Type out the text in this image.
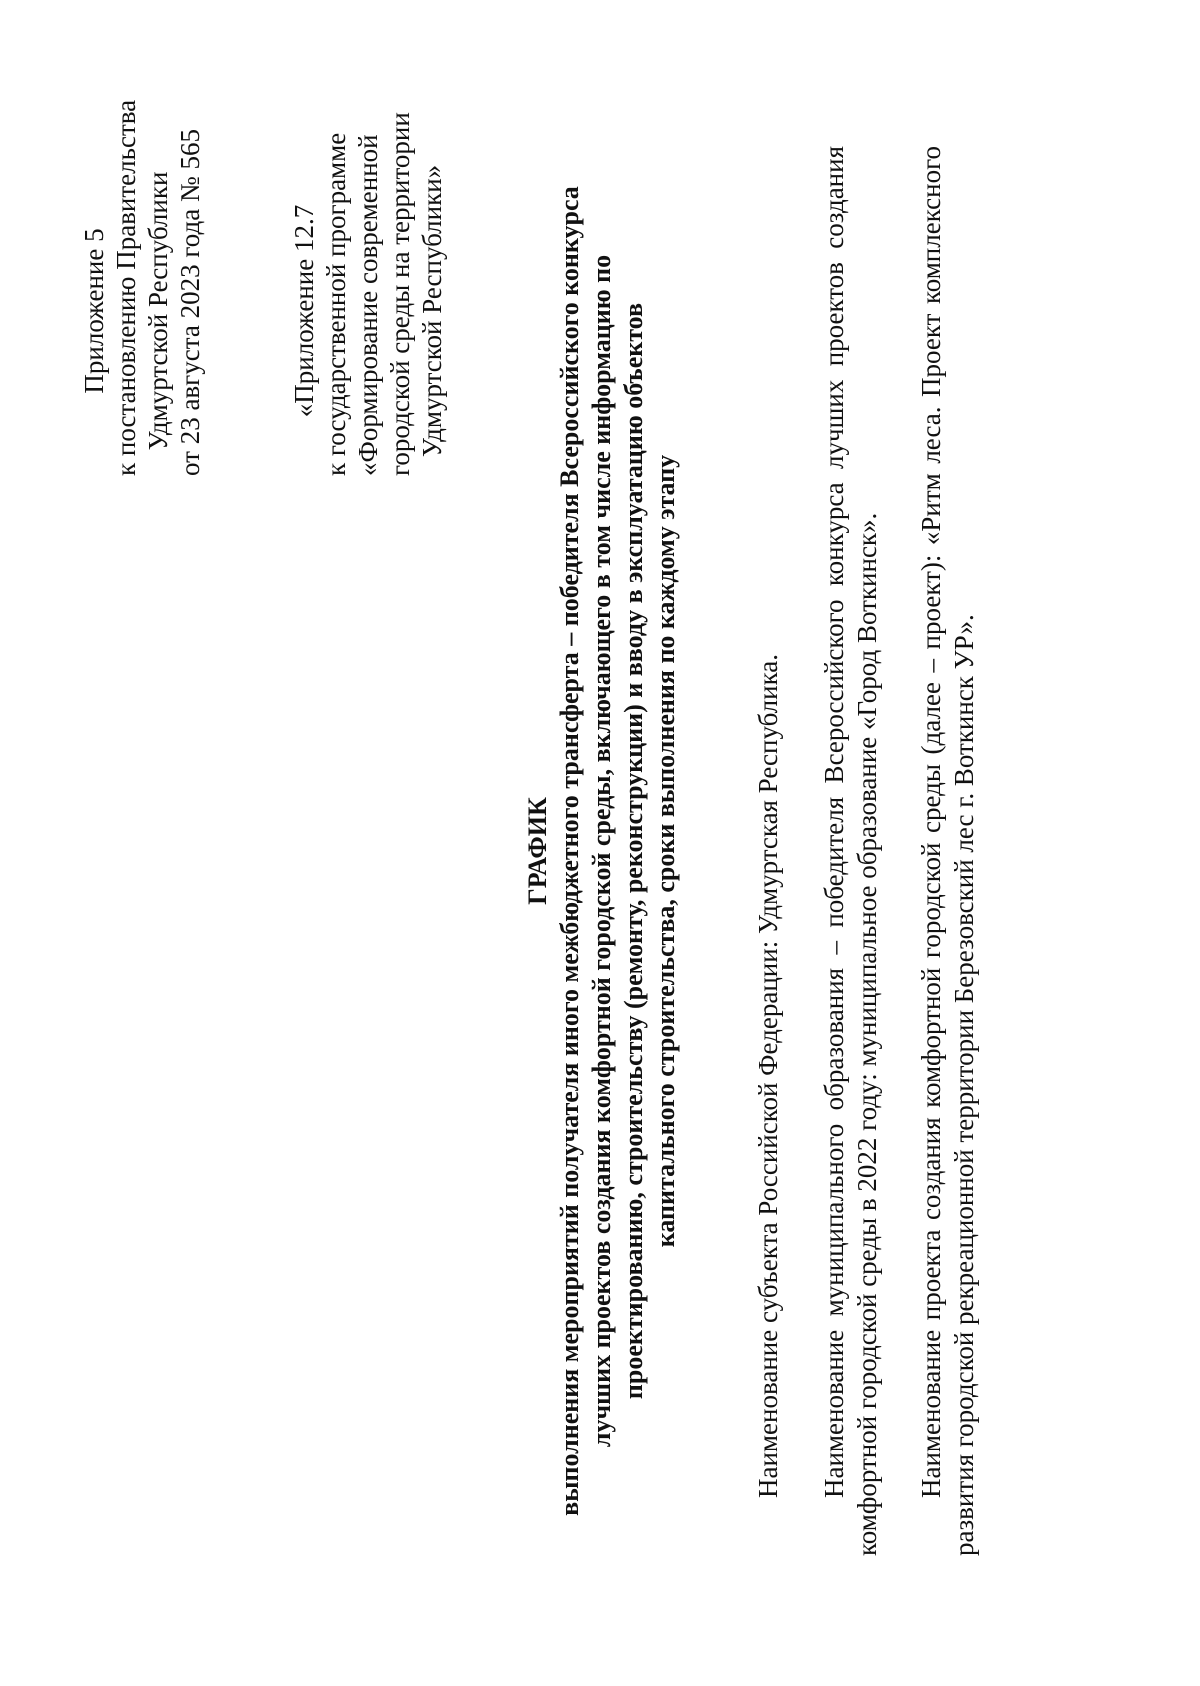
Приложение 5 к постановлению Правительства Удмуртской Республики от 23 августа 2023 года № 565	«Приложение 12.7 к государственной программе «Формирование современной городской среды на территории Удмуртской Республики»
ГРАФИК выполнения мероприятий получателя иного межбюджетного трансферта – победителя Всероссийского конкурса лучших проектов создания комфортной городской среды, включающего в том числе информацию по проектированию, строительству (ремонту, реконструкции) и вводу в эксплуатацию объектов капитального строительства, сроки выполнения по каждому этапу	Наименование субъекта Российской Федерации: Удмуртская Республика. Наименование муниципального образования – победителя Всероссийского конкурса лучших проектов создания комфортной городской среды в 2022 году: муниципальное образование «Город Воткинск». Наименование проекта создания комфортной городской среды (далее – проект): «Ритм леса. Проект комплексного развития городской рекреационной территории Березовский лес г. Воткинск УР».
